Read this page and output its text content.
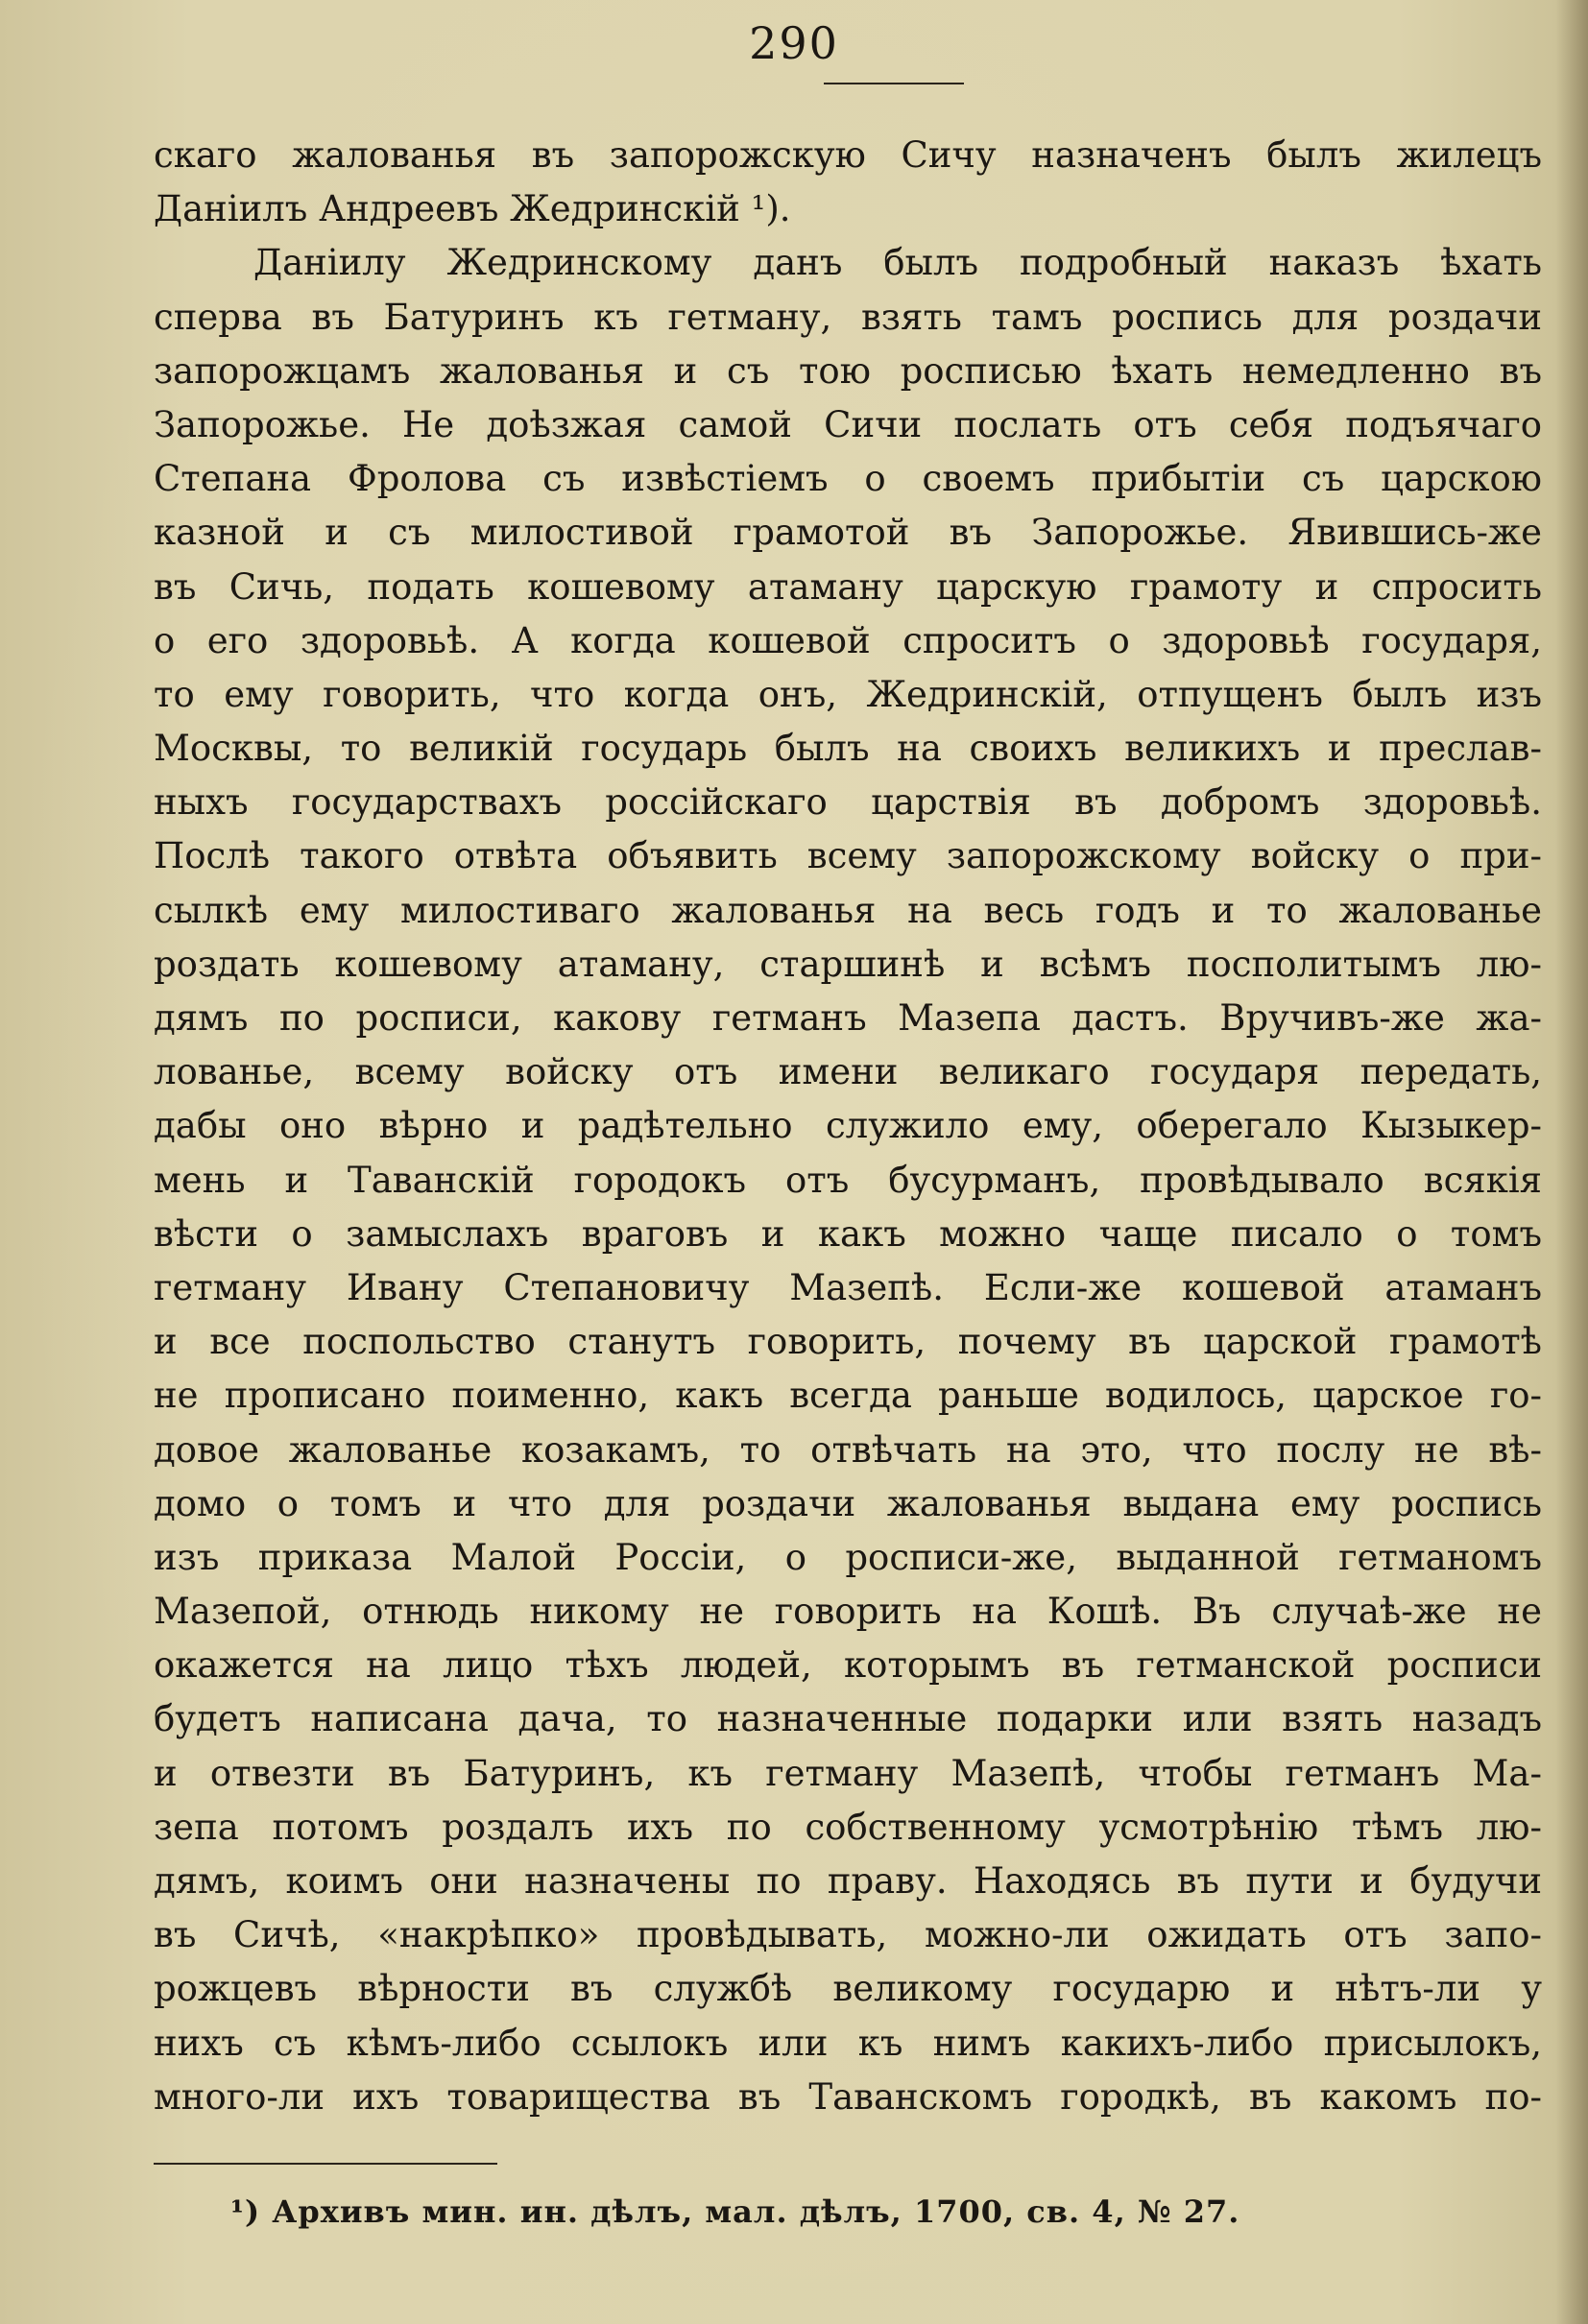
290
скаго жалованья въ запорожскую Сичу назначенъ былъ жилецъ
Даніилъ Андреевъ Жедринскій ¹).
Даніилу Жедринскому данъ былъ подробный наказъ ѣхать
сперва въ Батуринъ къ гетману, взять тамъ роспись для роздачи
запорожцамъ жалованья и съ тою росписью ѣхать немедленно въ
Запорожье. Не доѣзжая самой Сичи послать отъ себя подъячаго
Степана Фролова съ извѣстіемъ о своемъ прибытіи съ царскою
казной и съ милостивой грамотой въ Запорожье. Явившись-же
въ Сичь, подать кошевому атаману царскую грамоту и спросить
о его здоровьѣ. А когда кошевой спроситъ о здоровьѣ государя,
то ему говорить, что когда онъ, Жедринскій, отпущенъ былъ изъ
Москвы, то великій государь былъ на своихъ великихъ и преслав-
ныхъ государствахъ россійскаго царствія въ добромъ здоровьѣ.
Послѣ такого отвѣта объявить всему запорожскому войску о при-
сылкѣ ему милостиваго жалованья на весь годъ и то жалованье
роздать кошевому атаману, старшинѣ и всѣмъ посполитымъ лю-
дямъ по росписи, какову гетманъ Мазепа дастъ. Вручивъ-же жа-
лованье, всему войску отъ имени великаго государя передать,
дабы оно вѣрно и радѣтельно служило ему, оберегало Кызыкер-
мень и Таванскій городокъ отъ бусурманъ, провѣдывало всякія
вѣсти о замыслахъ враговъ и какъ можно чаще писало о томъ
гетману Ивану Степановичу Мазепѣ. Если-же кошевой атаманъ
и все поспольство станутъ говорить, почему въ царской грамотѣ
не прописано поименно, какъ всегда раньше водилось, царское го-
довое жалованье козакамъ, то отвѣчать на это, что послу не вѣ-
домо о томъ и что для роздачи жалованья выдана ему роспись
изъ приказа Малой Россіи, о росписи-же, выданной гетманомъ
Мазепой, отнюдь никому не говорить на Кошѣ. Въ случаѣ-же не
окажется на лицо тѣхъ людей, которымъ въ гетманской росписи
будетъ написана дача, то назначенные подарки или взять назадъ
и отвезти въ Батуринъ, къ гетману Мазепѣ, чтобы гетманъ Ма-
зепа потомъ роздалъ ихъ по собственному усмотрѣнію тѣмъ лю-
дямъ, коимъ они назначены по праву. Находясь въ пути и будучи
въ Сичѣ, «накрѣпко» провѣдывать, можно-ли ожидать отъ запо-
рожцевъ вѣрности въ службѣ великому государю и нѣтъ-ли у
нихъ съ кѣмъ-либо ссылокъ или къ нимъ какихъ-либо присылокъ,
много-ли ихъ товарищества въ Таванскомъ городкѣ, въ какомъ по-
¹) Архивъ мин. ин. дѣлъ, мал. дѣлъ, 1700, св. 4, № 27.
